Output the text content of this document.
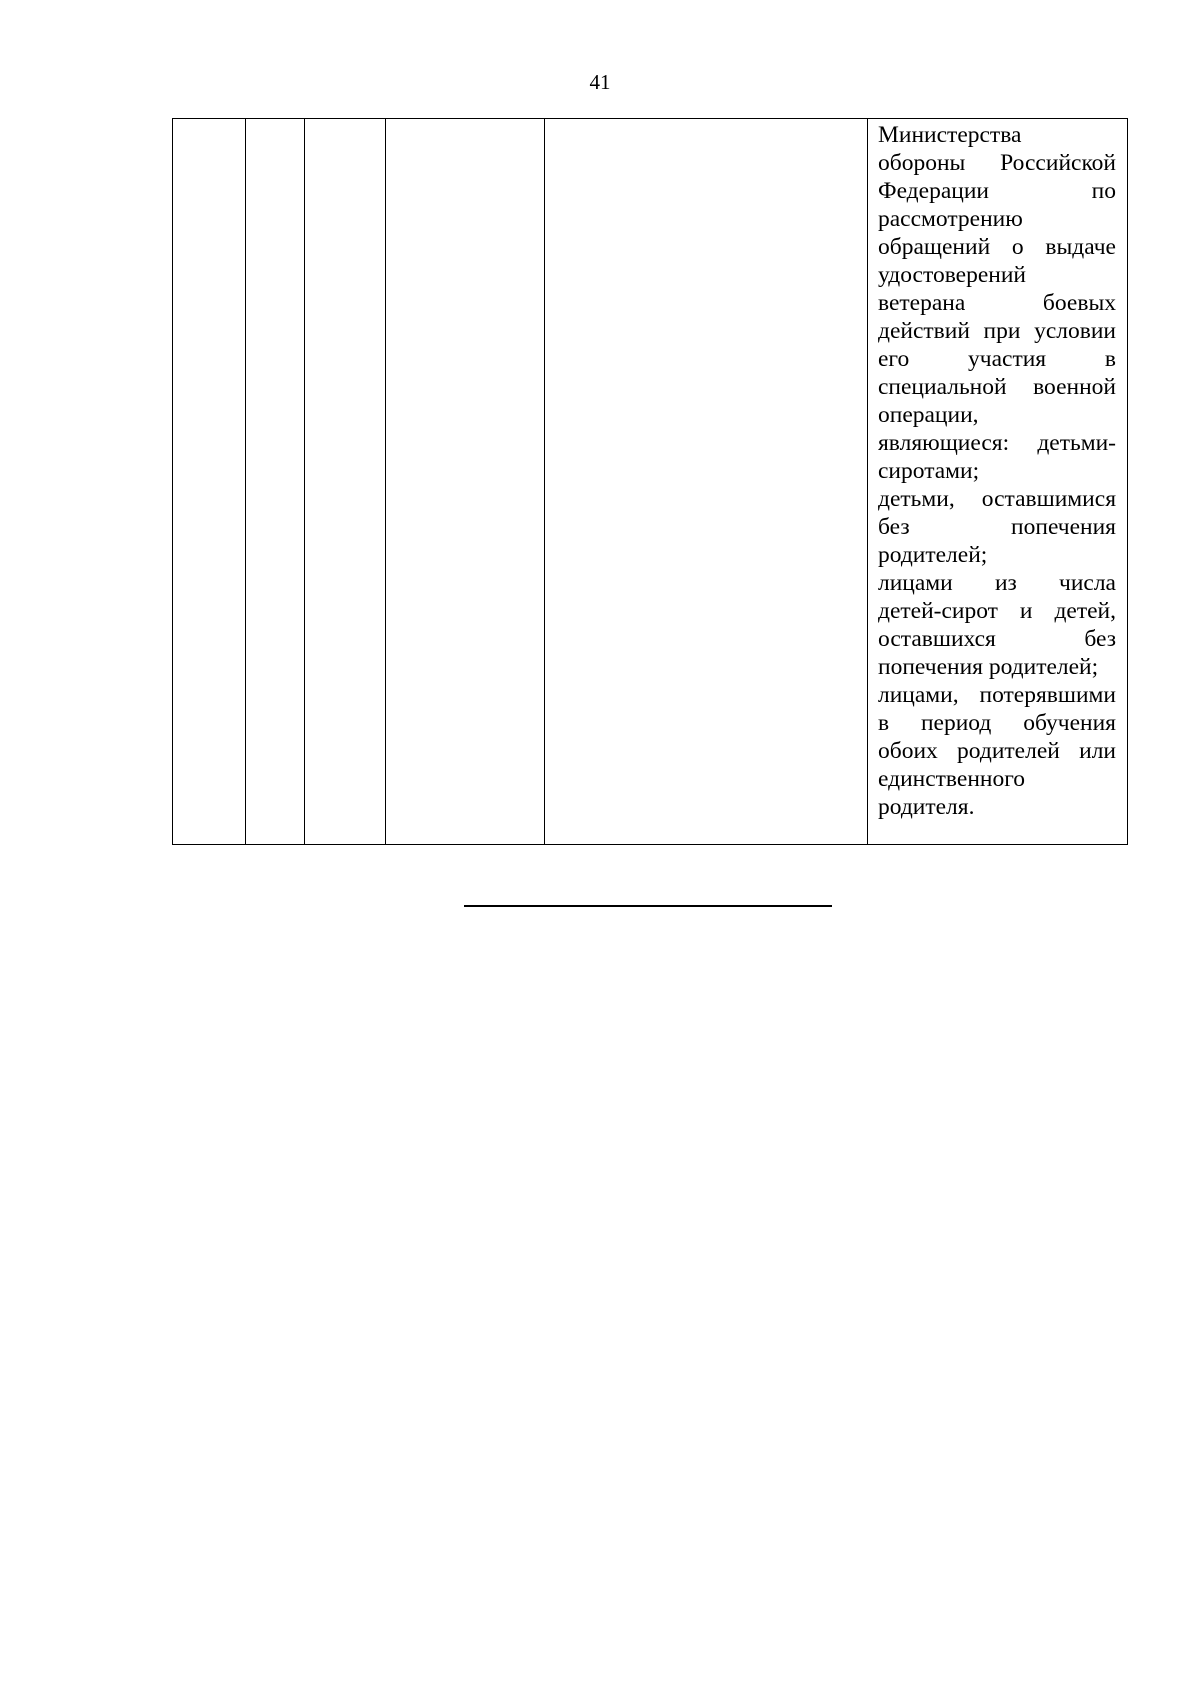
41

Министерства
обороны Российской
Федерации по
рассмотрению
обращений о выдаче
удостоверений
ветерана боевых
действий при условии
его участия в
специальной военной
операции,
являющиеся: детьми-
сиротами;
детьми, оставшимися
без попечения
родителей;
лицами из числа
детей-сирот и детей,
оставшихся без
попечения родителей;
лицами, потерявшими
в период обучения
обоих родителей или
единственного
родителя.
